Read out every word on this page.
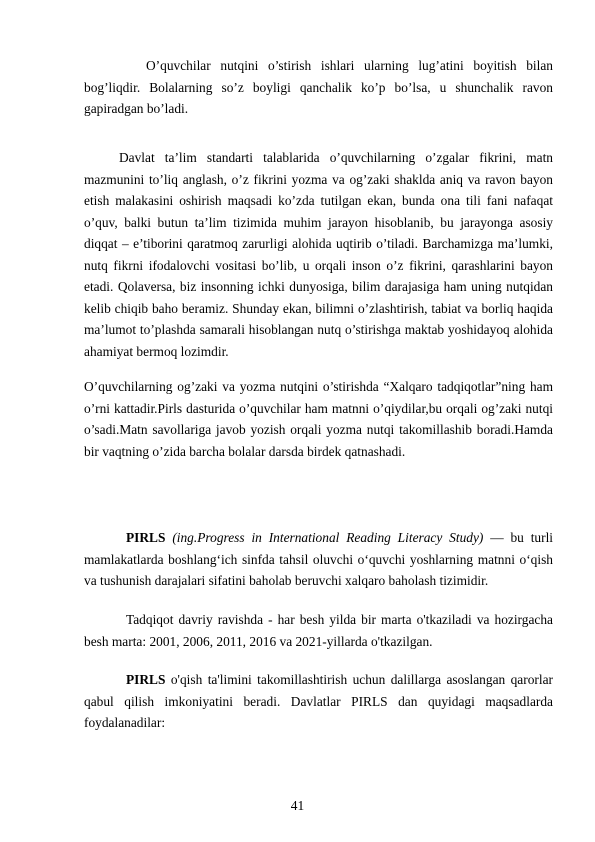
O’quvchilar nutqini o’stirish ishlari ularning lug’atini boyitish bilan bog’liqdir. Bolalarning so’z boyligi qanchalik ko’p bo’lsa, u shunchalik ravon gapiradgan bo’ladi.

Davlat ta’lim standarti talablarida o’quvchilarning o’zgalar fikrini, matn mazmunini to’liq anglash, o’z fikrini yozma va og’zaki shaklda aniq va ravon bayon etish malakasini oshirish maqsadi ko’zda tutilgan ekan, bunda ona tili fani nafaqat o’quv, balki butun ta’lim tizimida muhim jarayon hisoblanib, bu jarayonga asosiy diqqat – e’tiborini qaratmoq zarurligi alohida uqtirib o’tiladi. Barchamizga ma’lumki, nutq fikrni ifodalovchi vositasi bo’lib, u orqali inson o’z fikrini, qarashlarini bayon etadi. Qolaversa, biz insonning ichki dunyosiga, bilim darajasiga ham uning nutqidan kelib chiqib baho beramiz. Shunday ekan, bilimni o’zlashtirish, tabiat va borliq haqida ma’lumot to’plashda samarali hisoblangan nutq o’stirishga maktab yoshidayoq alohida ahamiyat bermoq lozimdir.

O’quvchilarning og’zaki va yozma nutqini o’stirishda “Xalqaro tadqiqotlar”ning ham o’rni kattadir.Pirls dasturida o’quvchilar ham matnni o’qiydilar,bu orqali og’zaki nutqi o’sadi.Matn savollariga javob yozish orqali yozma nutqi takomillashib boradi.Hamda bir vaqtning o’zida barcha bolalar darsda birdek qatnashadi.

PIRLS (ing.Progress in International Reading Literacy Study) — bu turli mamlakatlarda boshlangʻich sinfda tahsil oluvchi oʻquvchi yoshlarning matnni oʻqish va tushunish darajalari sifatini baholab beruvchi xalqaro baholash tizimidir.

Tadqiqot davriy ravishda - har besh yilda bir marta o'tkaziladi va hozirgacha besh marta: 2001, 2006, 2011, 2016 va 2021-yillarda o'tkazilgan.

PIRLS o'qish ta'limini takomillashtirish uchun dalillarga asoslangan qarorlar qabul qilish imkoniyatini beradi. Davlatlar PIRLS dan quyidagi maqsadlarda foydalanadilar:

41
